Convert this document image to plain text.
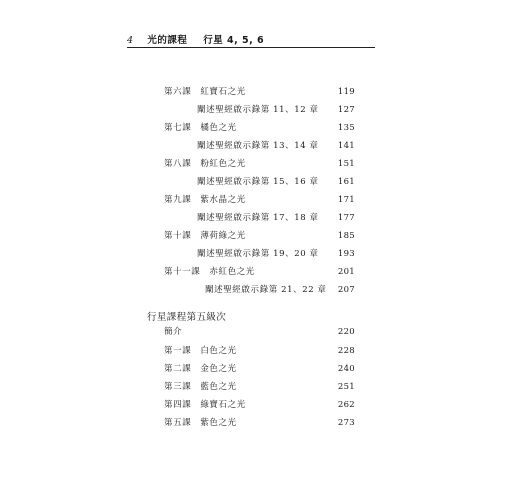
4 光的課程 行星 4, 5, 6
第六課 紅寶石之光	119
闡述聖經啟示錄第 11、12 章	127
第七課 橘色之光	135
闡述聖經啟示錄第 13、14 章	141
第八課 粉紅色之光	151
闡述聖經啟示錄第 15、16 章	161
第九課 紫水晶之光	171
闡述聖經啟示錄第 17、18 章	177
第十課 薄荷綠之光	185
闡述聖經啟示錄第 19、20 章	193
第十一課 赤紅色之光	201
闡述聖經啟示錄第 21、22 章	207
行星課程第五級次
簡介	220
第一課 白色之光	228
第二課 金色之光	240
第三課 藍色之光	251
第四課 綠寶石之光	262
第五課 紫色之光	273
